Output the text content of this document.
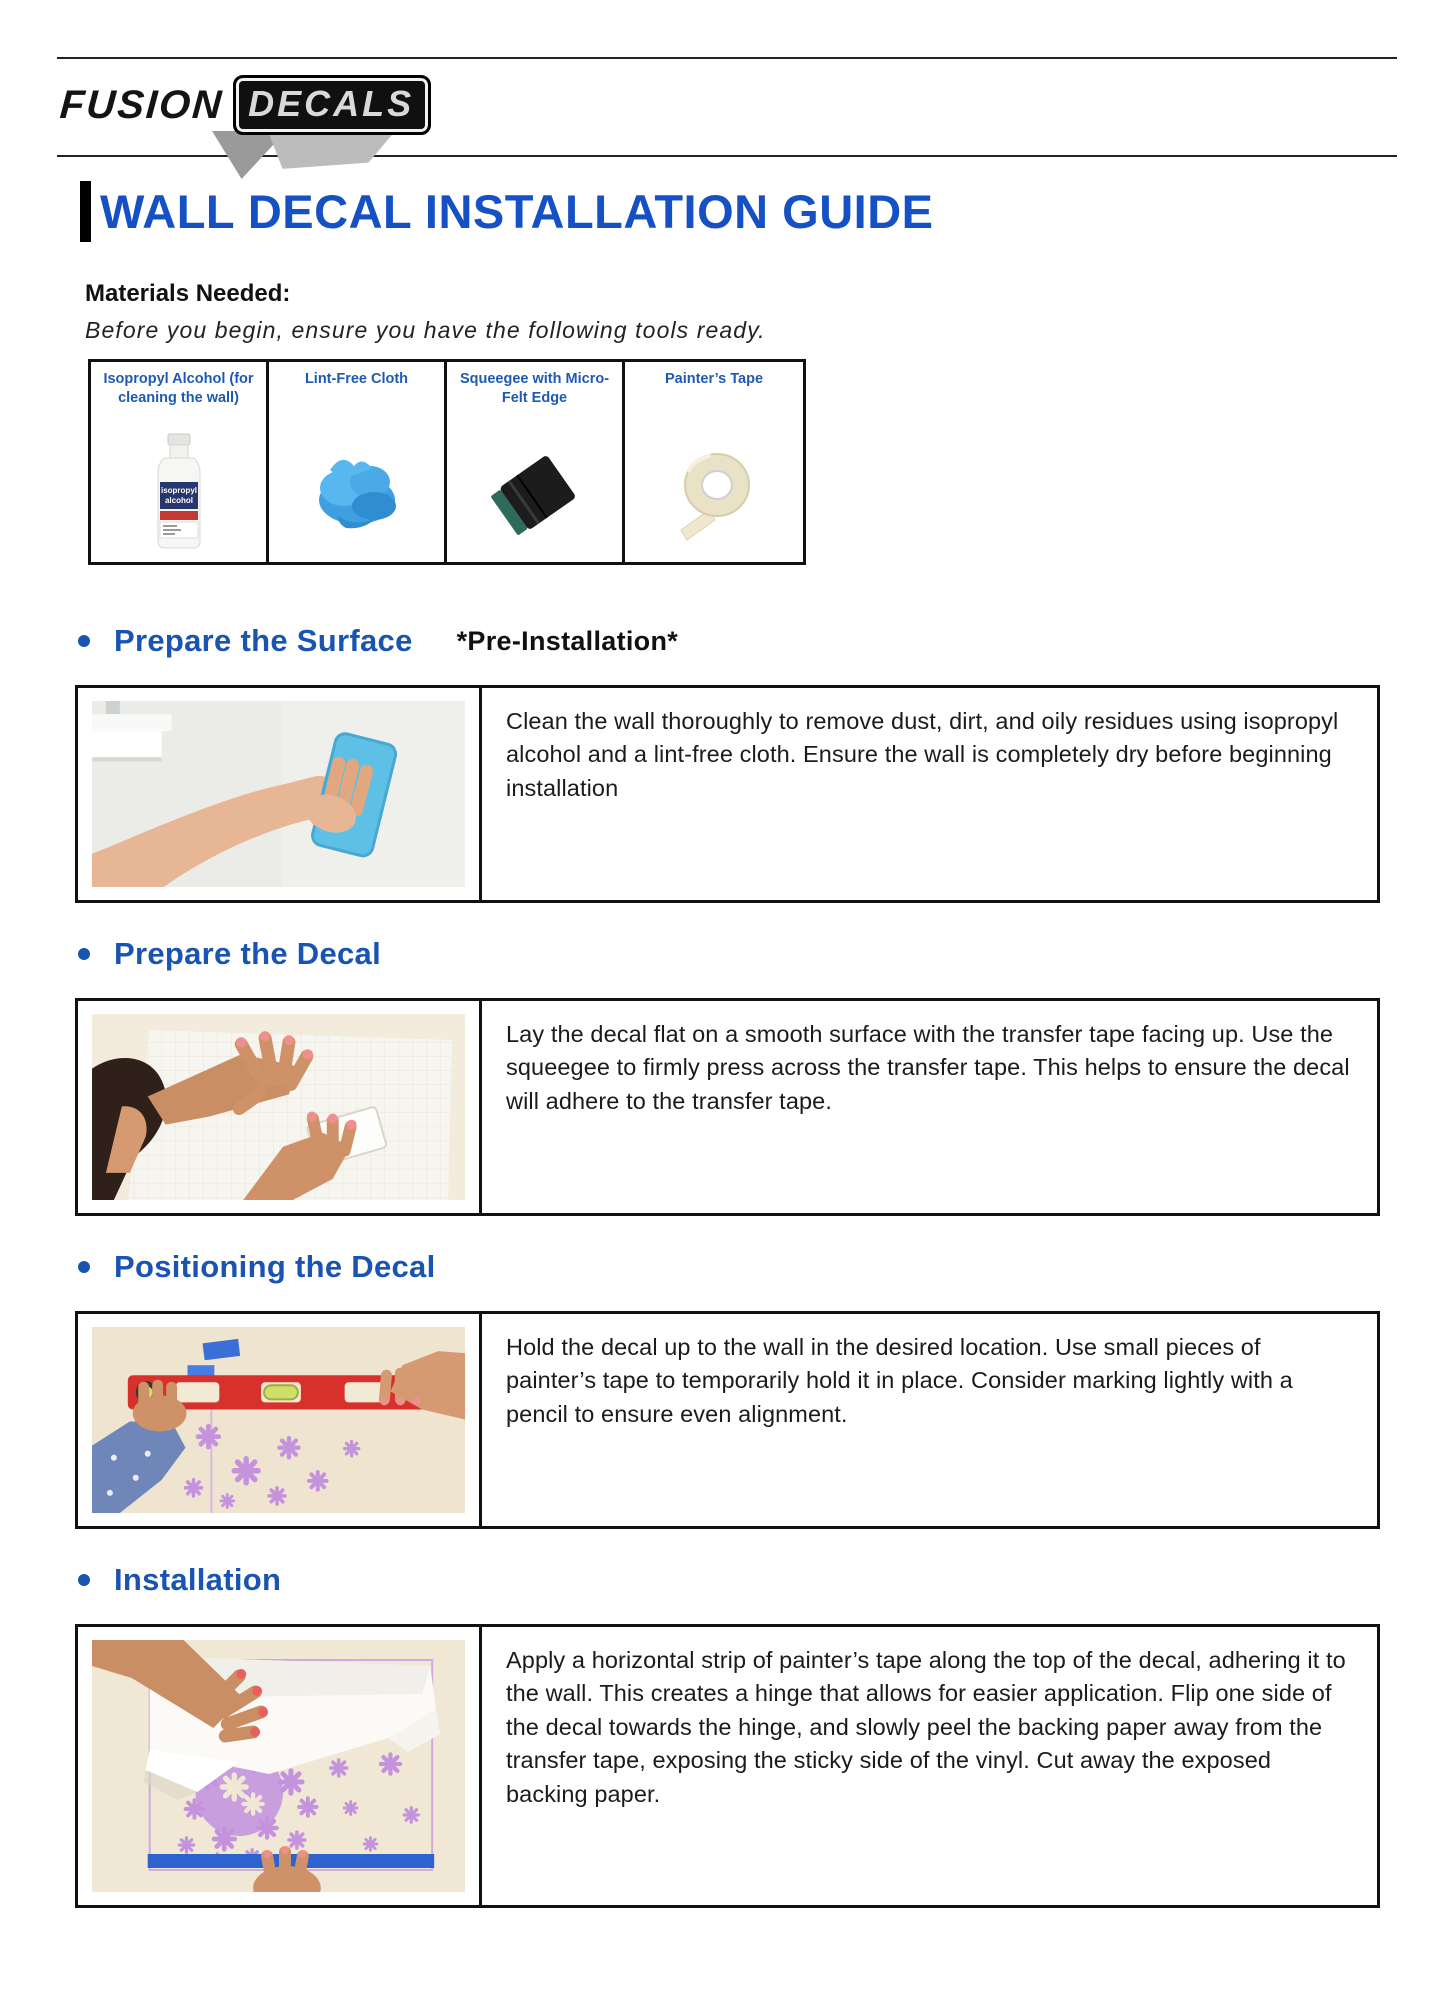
FUSION DECALS
WALL DECAL INSTALLATION GUIDE
Materials Needed:
Before you begin, ensure you have the following tools ready.
Isopropyl Alcohol (for cleaning the wall)
isopropyl
alcohol
Lint-Free Cloth	Squeegee with Micro-Felt Edge
Painter’s Tape
Prepare the Surface *Pre-Installation*
Clean the wall thoroughly to remove dust, dirt, and oily residues using isopropyl alcohol and a lint-free cloth. Ensure the wall is completely dry before beginning installation
Prepare the Decal
Lay the decal flat on a smooth surface with the transfer tape facing up. Use the squeegee to firmly press across the transfer tape. This helps to ensure the decal will adhere to the transfer tape.
Positioning the Decal
Hold the decal up to the wall in the desired location. Use small pieces of painter’s tape to temporarily hold it in place. Consider marking lightly with a pencil to ensure even alignment.
Installation
Apply a horizontal strip of painter’s tape along the top of the decal, adhering it to the wall. This creates a hinge that allows for easier application. Flip one side of the decal towards the hinge, and slowly peel the backing paper away from the transfer tape, exposing the sticky side of the vinyl. Cut away the exposed backing paper.
